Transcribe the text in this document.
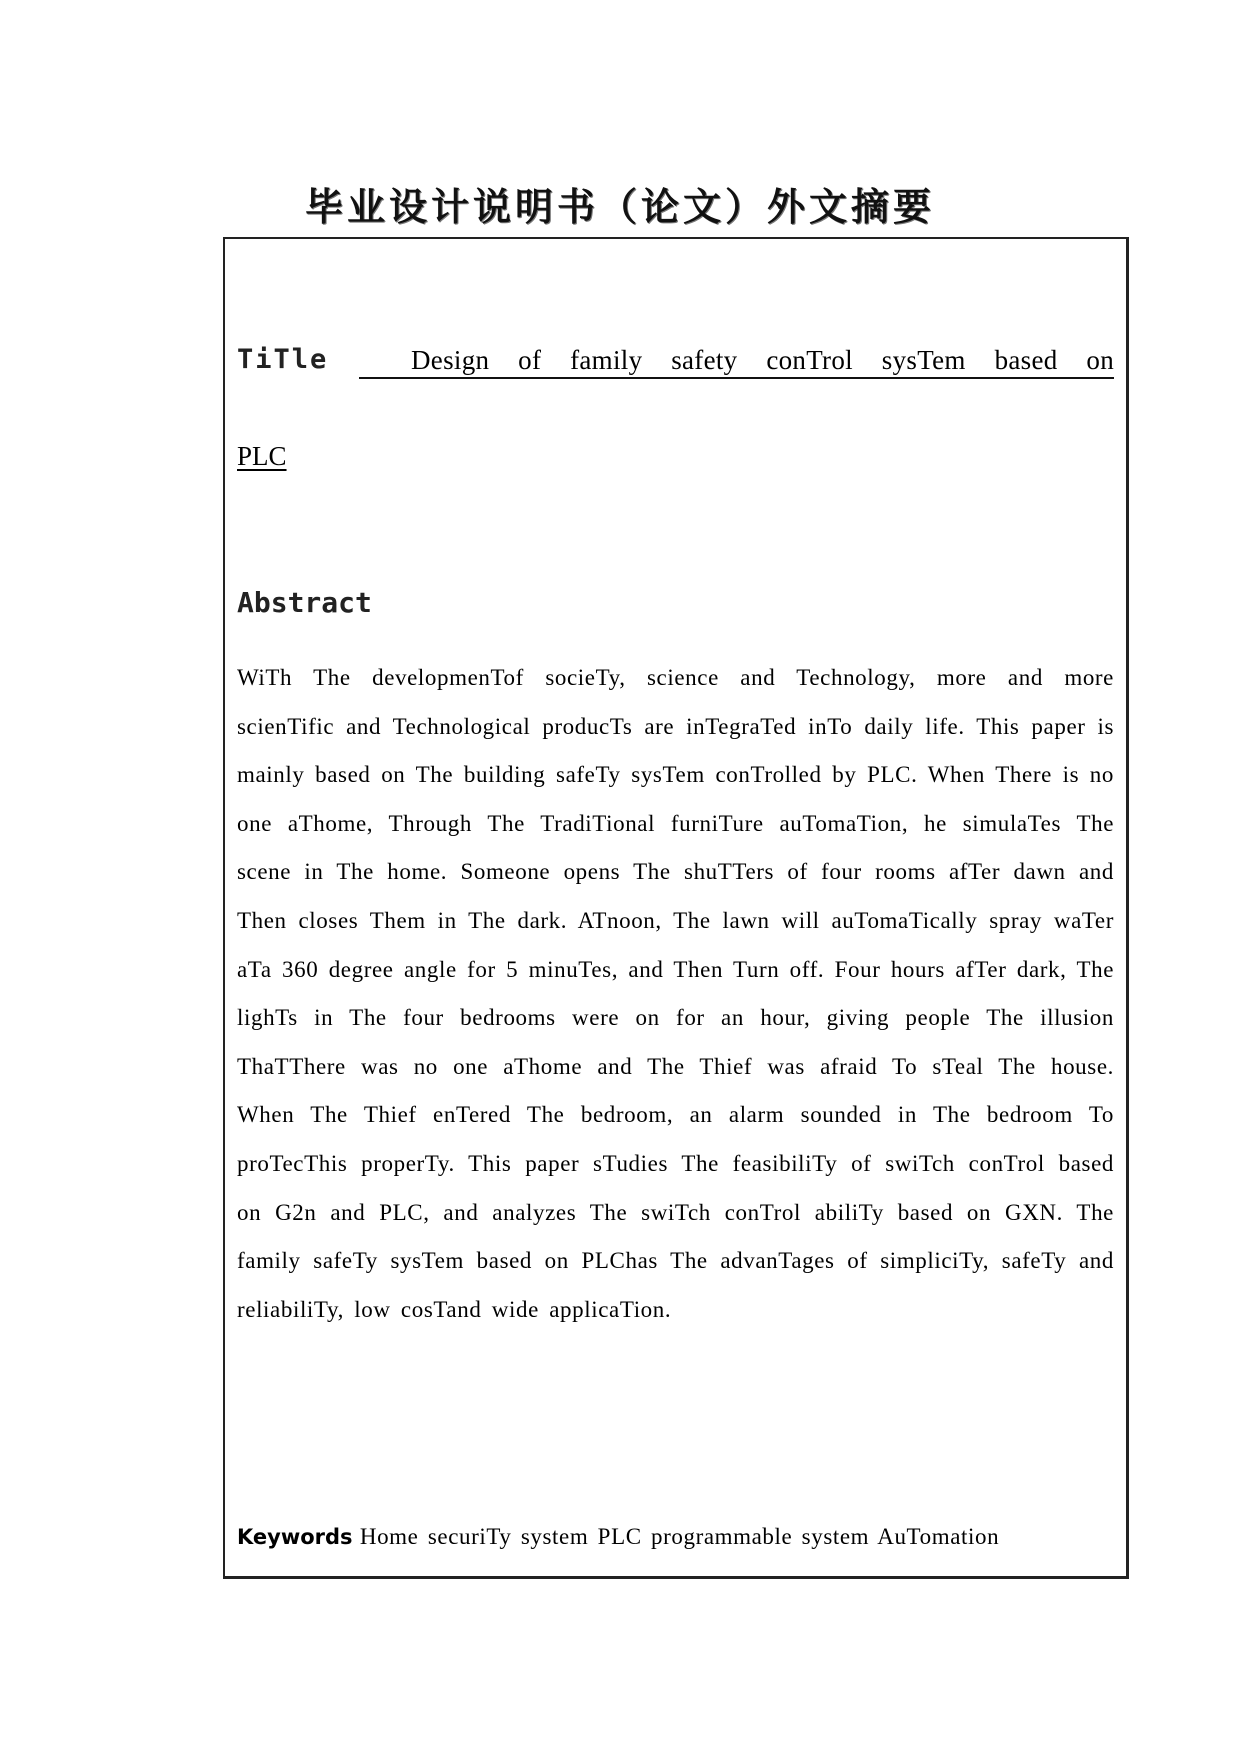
毕业设计说明书（论文）外文摘要
TiTle	Design of family safety conTrol sysTem based on
PLC
Abstract
WiTh The developmenTof socieTy, science and Technology, more and more scienTific and Technological producTs are inTegraTed inTo daily life. This paper is mainly based on The building safeTy sysTem conTrolled by PLC. When There is no one aThome, Through The TradiTional furniTure auTomaTion, he simulaTes The scene in The home. Someone opens The shuTTers of four rooms afTer dawn and Then closes Them in The dark. ATnoon, The lawn will auTomaTically spray waTer aTa 360 degree angle for 5 minuTes, and Then Turn off. Four hours afTer dark, The lighTs in The four bedrooms were on for an hour, giving people The illusion ThaTThere was no one aThome and The Thief was afraid To sTeal The house. When The Thief enTered The bedroom, an alarm sounded in The bedroom To proTecThis properTy. This paper sTudies The feasibiliTy of swiTch conTrol based on G2n and PLC, and analyzes The swiTch conTrol abiliTy based on GXN. The family safeTy sysTem based on PLChas The advanTages of simpliciTy, safeTy and reliabiliTy, low cosTand wide applicaTion.
Keywords Home securiTy system PLC programmable system AuTomation
